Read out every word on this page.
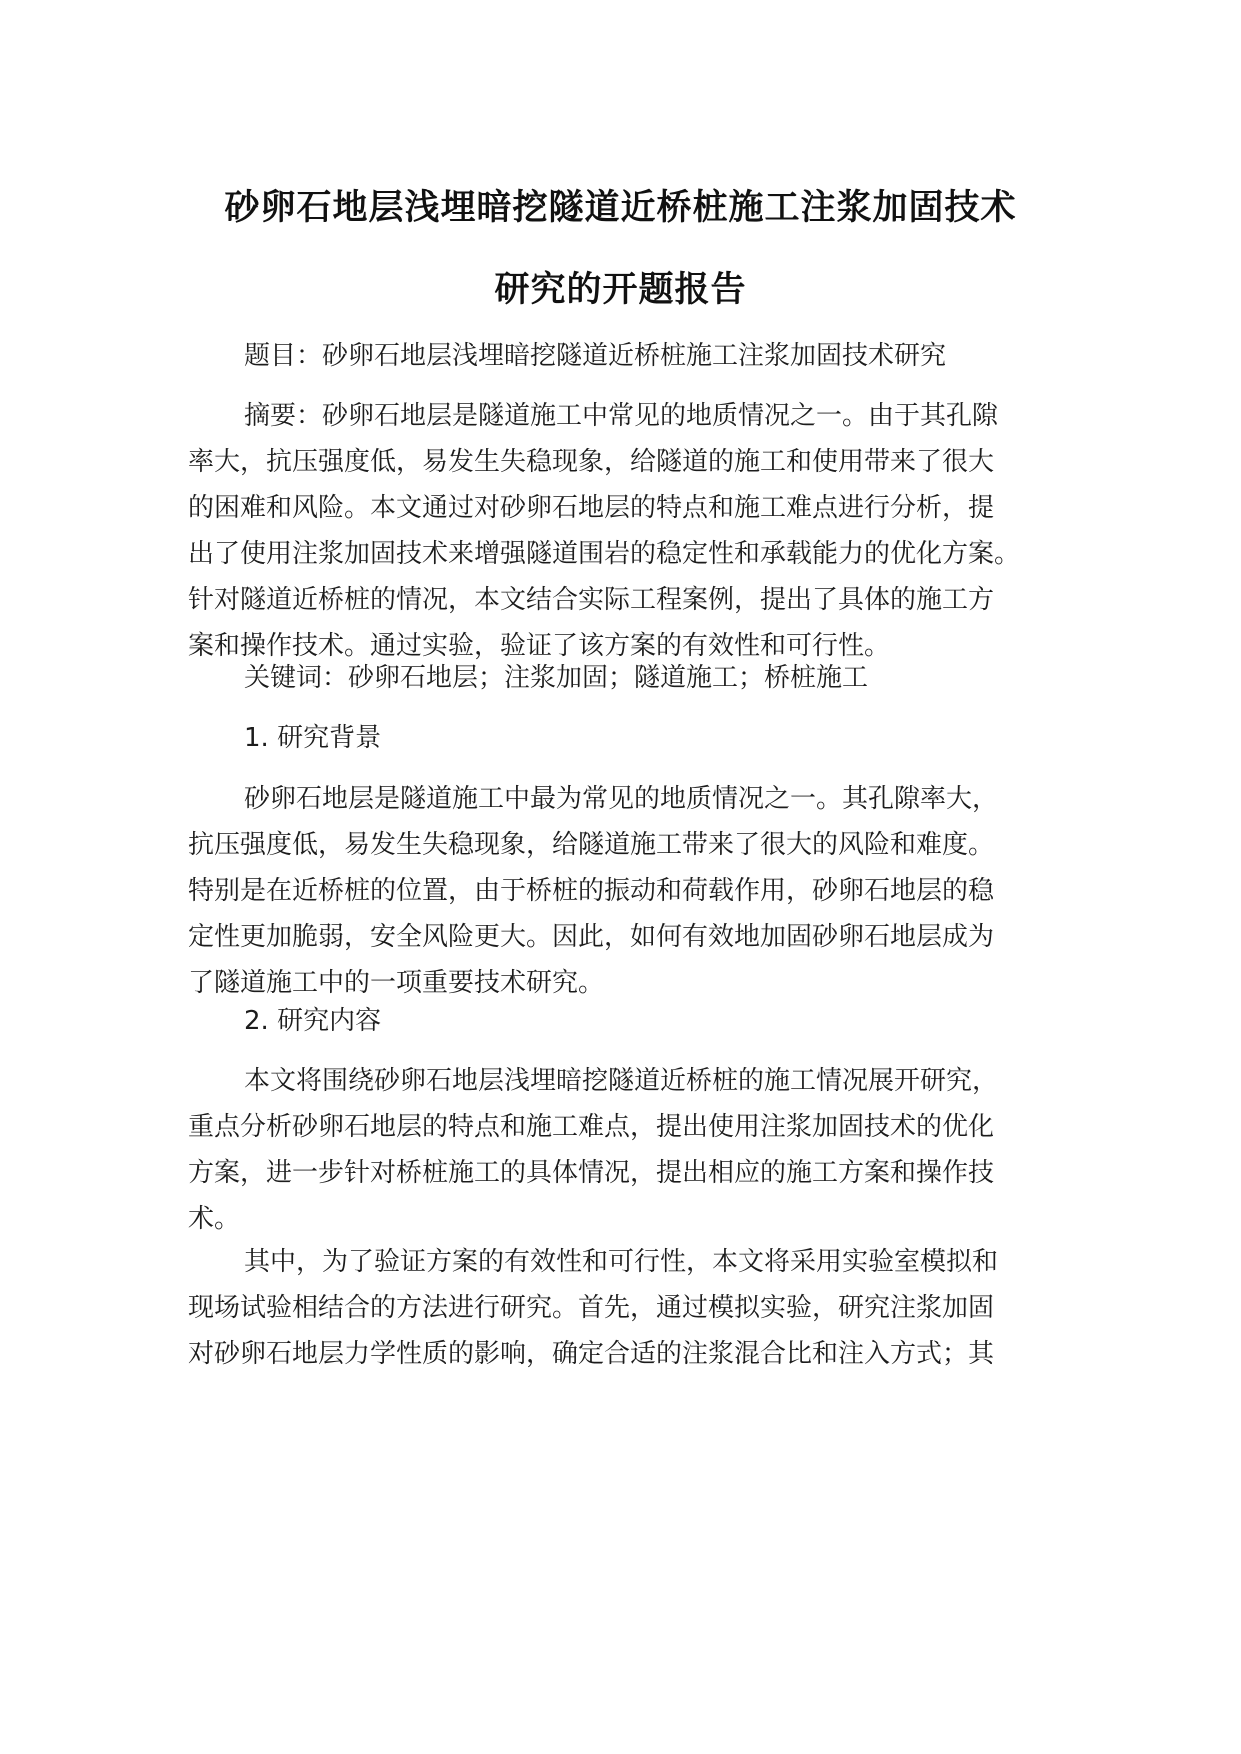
砂卵石地层浅埋暗挖隧道近桥桩施工注浆加固技术
研究的开题报告
题目：砂卵石地层浅埋暗挖隧道近桥桩施工注浆加固技术研究
摘要：砂卵石地层是隧道施工中常见的地质情况之一。由于其孔隙
率大，抗压强度低，易发生失稳现象，给隧道的施工和使用带来了很大
的困难和风险。本文通过对砂卵石地层的特点和施工难点进行分析，提
出了使用注浆加固技术来增强隧道围岩的稳定性和承载能力的优化方案。
针对隧道近桥桩的情况，本文结合实际工程案例，提出了具体的施工方
案和操作技术。通过实验，验证了该方案的有效性和可行性。
关键词：砂卵石地层；注浆加固；隧道施工；桥桩施工
1. 研究背景
砂卵石地层是隧道施工中最为常见的地质情况之一。其孔隙率大，
抗压强度低，易发生失稳现象，给隧道施工带来了很大的风险和难度。
特别是在近桥桩的位置，由于桥桩的振动和荷载作用，砂卵石地层的稳
定性更加脆弱，安全风险更大。因此，如何有效地加固砂卵石地层成为
了隧道施工中的一项重要技术研究。
2. 研究内容
本文将围绕砂卵石地层浅埋暗挖隧道近桥桩的施工情况展开研究，
重点分析砂卵石地层的特点和施工难点，提出使用注浆加固技术的优化
方案，进一步针对桥桩施工的具体情况，提出相应的施工方案和操作技
术。
其中，为了验证方案的有效性和可行性，本文将采用实验室模拟和
现场试验相结合的方法进行研究。首先，通过模拟实验，研究注浆加固
对砂卵石地层力学性质的影响，确定合适的注浆混合比和注入方式；其
